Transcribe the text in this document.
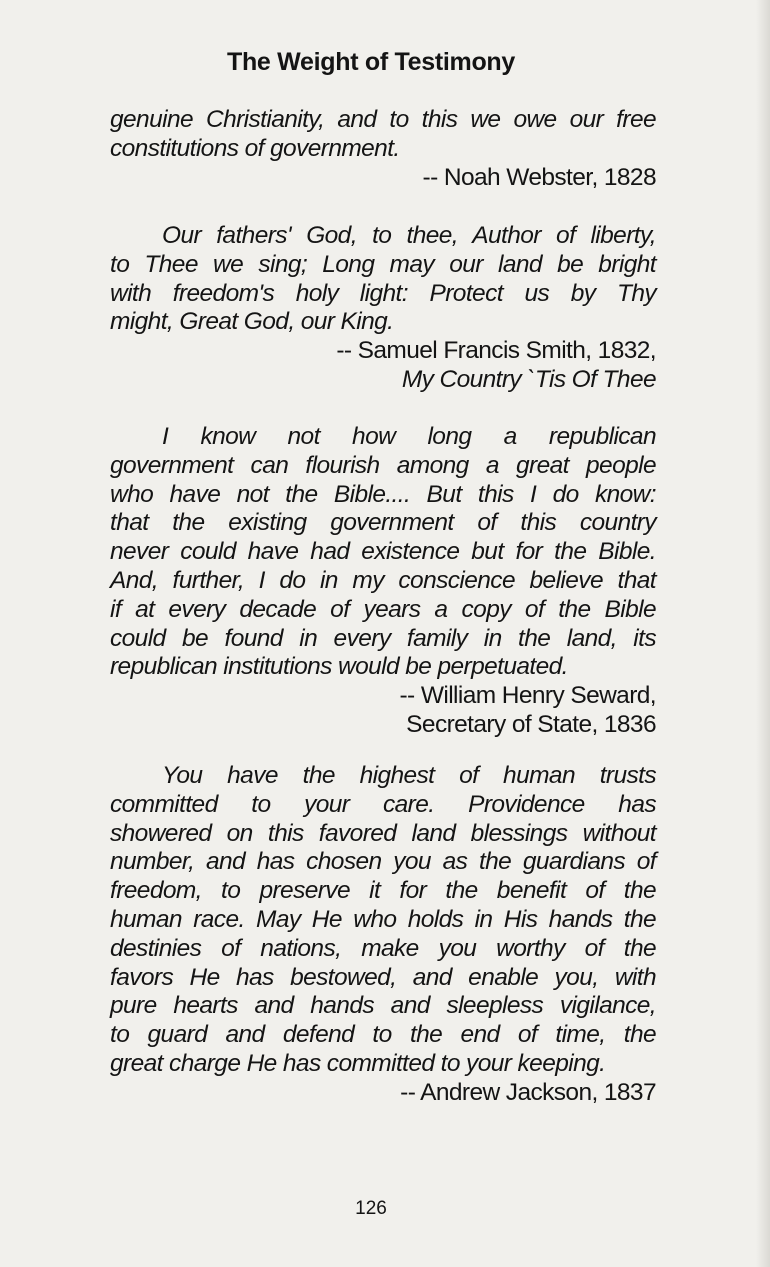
The Weight of Testimony
genuine Christianity, and to this we owe our free
constitutions of government.
-- Noah Webster, 1828
Our fathers' God, to thee, Author of liberty,
to Thee we sing; Long may our land be bright
with freedom's holy light: Protect us by Thy
might, Great God, our King.
-- Samuel Francis Smith, 1832,
My Country `Tis Of Thee
I know not how long a republican
government can flourish among a great people
who have not the Bible.... But this I do know:
that the existing government of this country
never could have had existence but for the Bible.
And, further, I do in my conscience believe that
if at every decade of years a copy of the Bible
could be found in every family in the land, its
republican institutions would be perpetuated.
-- William Henry Seward,
Secretary of State, 1836
You have the highest of human trusts
committed to your care. Providence has
showered on this favored land blessings without
number, and has chosen you as the guardians of
freedom, to preserve it for the benefit of the
human race. May He who holds in His hands the
destinies of nations, make you worthy of the
favors He has bestowed, and enable you, with
pure hearts and hands and sleepless vigilance,
to guard and defend to the end of time, the
great charge He has committed to your keeping.
-- Andrew Jackson, 1837
126
